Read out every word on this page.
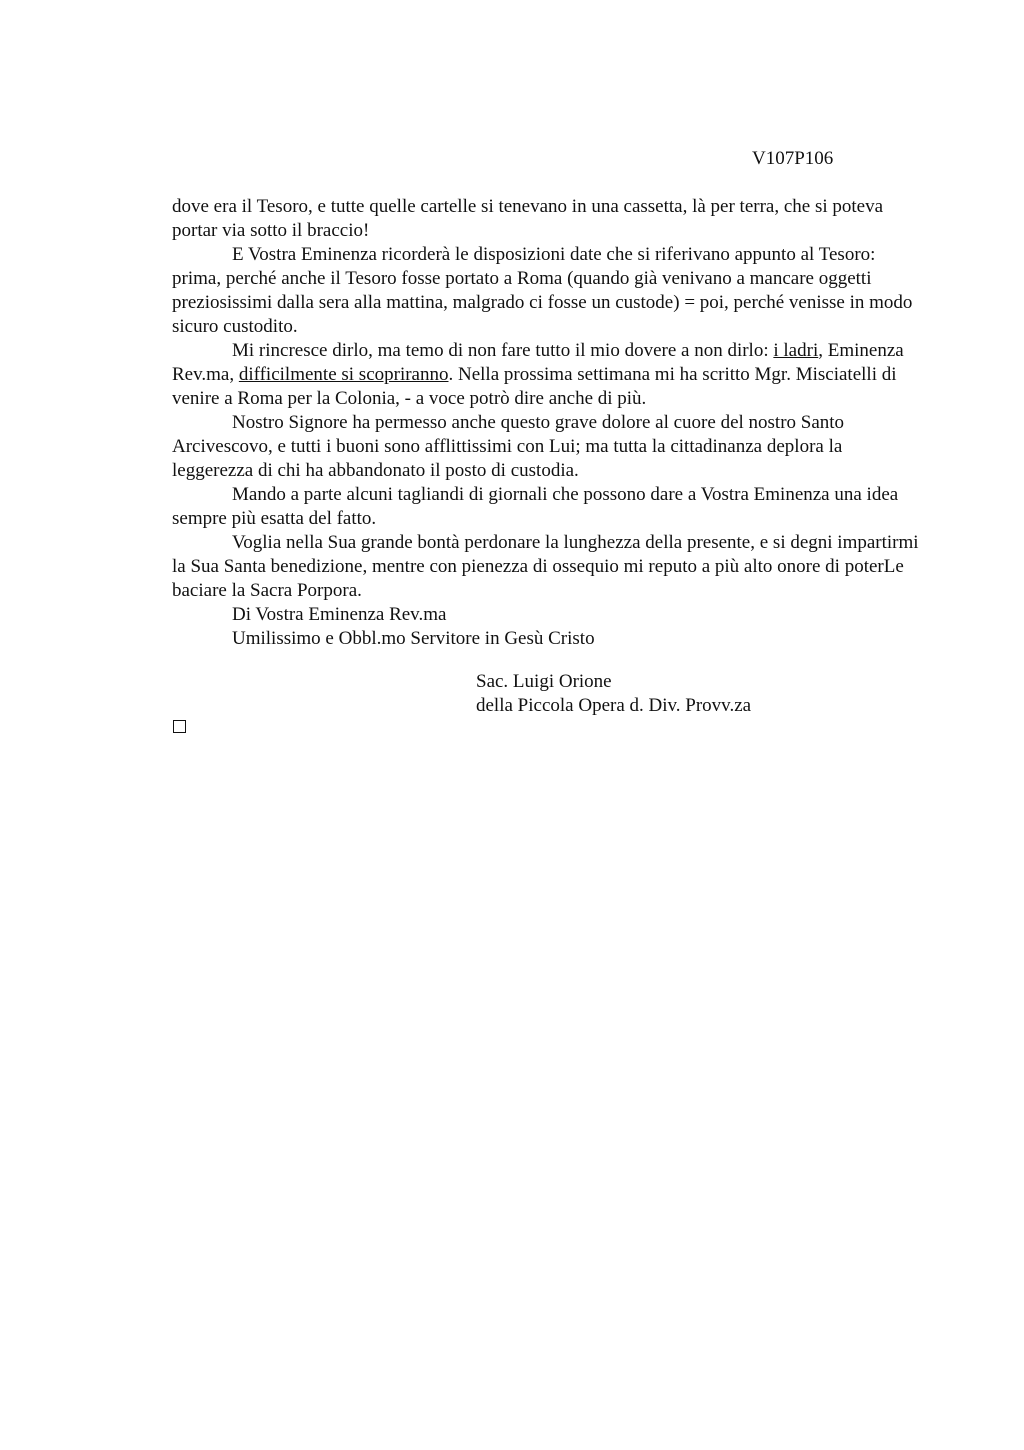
V107P106

dove era il Tesoro, e tutte quelle cartelle si tenevano in una cassetta, là per terra, che si poteva portar via sotto il braccio!

E Vostra Eminenza ricorderà le disposizioni date che si riferivano appunto al Tesoro: prima, perché anche il Tesoro fosse portato a Roma (quando già venivano a mancare oggetti preziosissimi dalla sera alla mattina, malgrado ci fosse un custode) = poi, perché venisse in modo sicuro custodito.

Mi rincresce dirlo, ma temo di non fare tutto il mio dovere a non dirlo: i ladri, Eminenza Rev.ma, difficilmente si scopriranno. Nella prossima settimana mi ha scritto Mgr. Misciatelli di venire a Roma per la Colonia, - a voce potrò dire anche di più.

Nostro Signore ha permesso anche questo grave dolore al cuore del nostro Santo Arcivescovo, e tutti i buoni sono afflittissimi con Lui; ma tutta la cittadinanza deplora la leggerezza di chi ha abbandonato il posto di custodia.

Mando a parte alcuni tagliandi di giornali che possono dare a Vostra Eminenza una idea sempre più esatta del fatto.

Voglia nella Sua grande bontà perdonare la lunghezza della presente, e si degni impartirmi la Sua Santa benedizione, mentre con pienezza di ossequio mi reputo a più alto onore di poterLe baciare la Sacra Porpora.

Di Vostra Eminenza Rev.ma

Umilissimo e Obbl.mo Servitore in Gesù Cristo

Sac. Luigi Orione
della Piccola Opera d. Div. Provv.za
